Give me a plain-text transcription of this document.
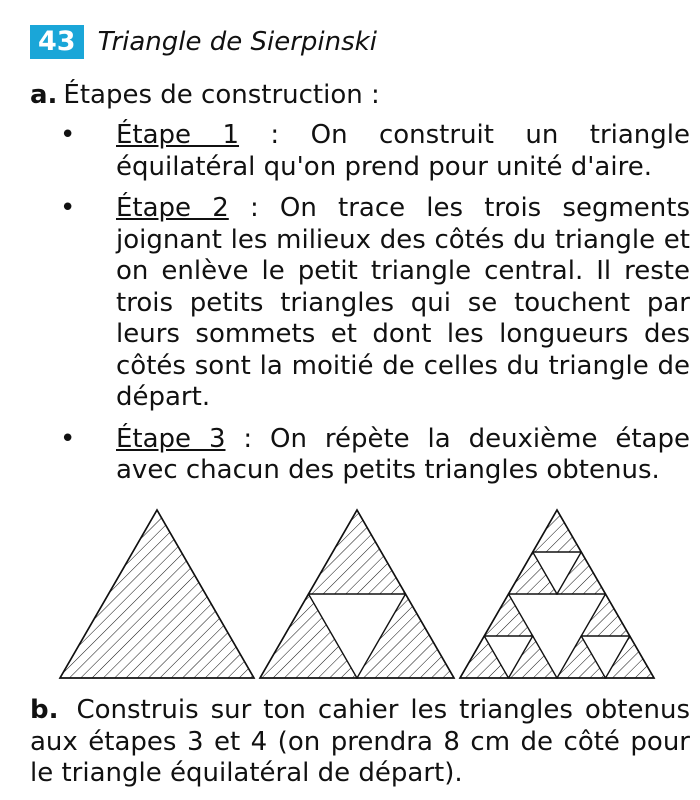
43 Triangle de Sierpinski
a. Étapes de construction :
• Étape 1 : On construit un triangle équilatéral qu'on prend pour unité d'aire.
• Étape 2 : On trace les trois segments joignant les milieux des côtés du triangle et on enlève le petit triangle central. Il reste trois petits triangles qui se touchent par leurs sommets et dont les longueurs des côtés sont la moitié de celles du triangle de départ.
• Étape 3 : On répète la deuxième étape avec chacun des petits triangles obtenus.
b. Construis sur ton cahier les triangles obtenus aux étapes 3 et 4 (on prendra 8 cm de côté pour le triangle équilatéral de départ).
